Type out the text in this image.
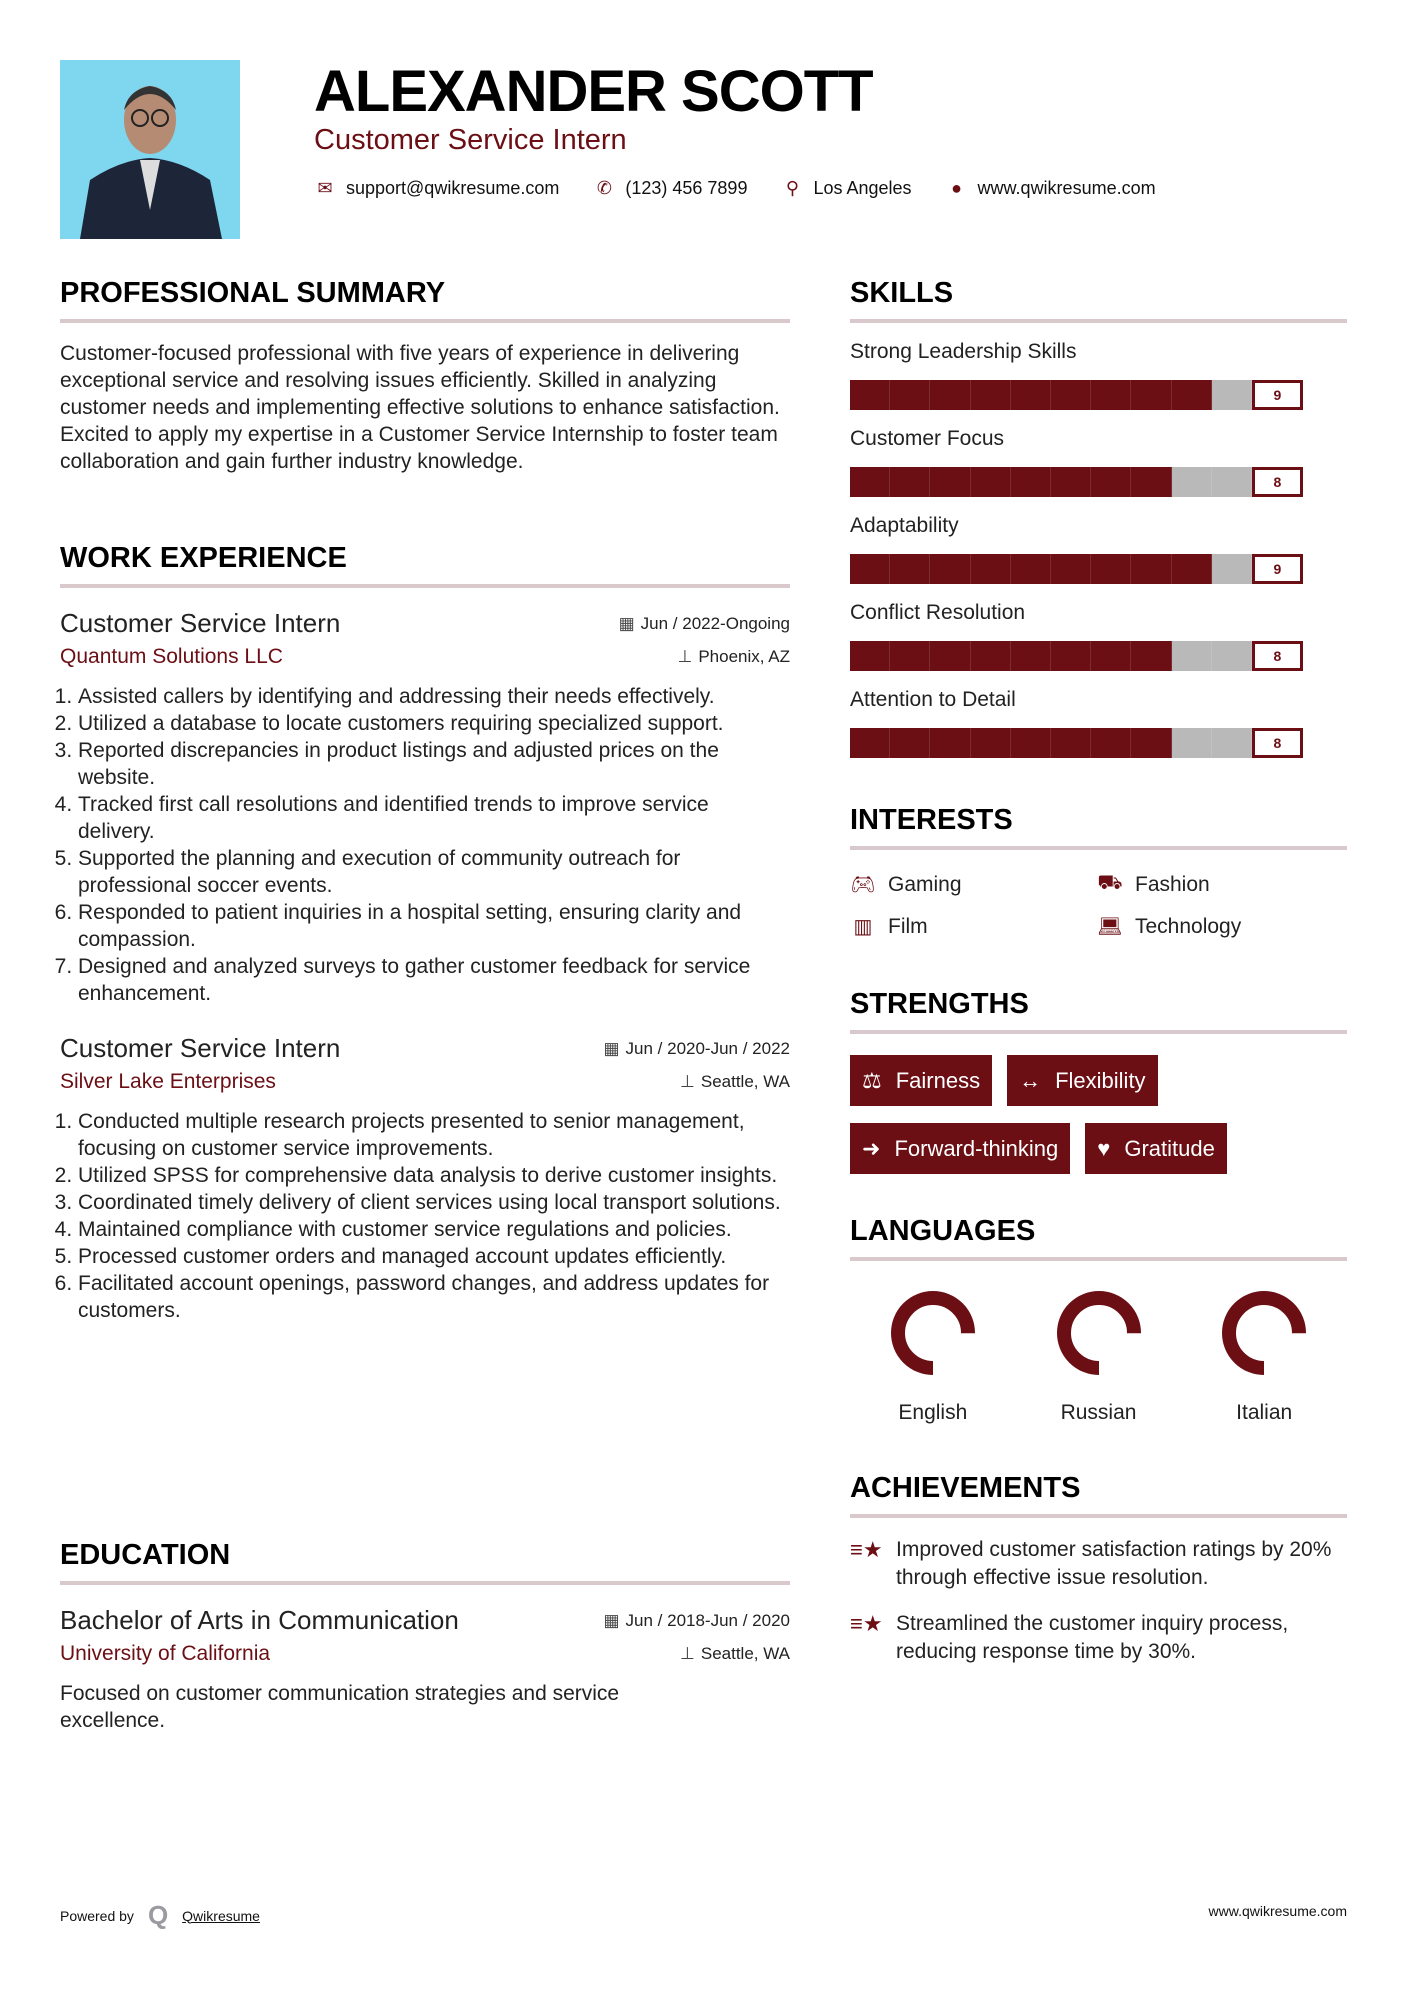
ALEXANDER SCOTT
Customer Service Intern
✉ support@qwikresume.com ✆ (123) 456 7899 ⚲ Los Angeles	● www.qwikresume.com
PROFESSIONAL SUMMARY
Customer-focused professional with five years of experience in delivering exceptional service and resolving issues efficiently. Skilled in analyzing customer needs and implementing effective solutions to enhance satisfaction. Excited to apply my expertise in a Customer Service Internship to foster team collaboration and gain further industry knowledge.
WORK EXPERIENCE
Customer Service Intern	▦ Jun / 2022-Ongoing
Quantum Solutions LLC	⊥ Phoenix, AZ
1. Assisted callers by identifying and addressing their needs effectively.
2. Utilized a database to locate customers requiring specialized support.
3. Reported discrepancies in product listings and adjusted prices on the website.
4. Tracked first call resolutions and identified trends to improve service delivery.
5. Supported the planning and execution of community outreach for professional soccer events.
6. Responded to patient inquiries in a hospital setting, ensuring clarity and compassion.
7. Designed and analyzed surveys to gather customer feedback for service enhancement.
Customer Service Intern	▦ Jun / 2020-Jun / 2022
Silver Lake Enterprises	⊥ Seattle, WA
1. Conducted multiple research projects presented to senior management, focusing on customer service improvements.
2. Utilized SPSS for comprehensive data analysis to derive customer insights.
3. Coordinated timely delivery of client services using local transport solutions.
4. Maintained compliance with customer service regulations and policies.
5. Processed customer orders and managed account updates efficiently.
6. Facilitated account openings, password changes, and address updates for customers.
EDUCATION
Bachelor of Arts in Communication	▦ Jun / 2018-Jun / 2020
University of California	⊥ Seattle, WA
Focused on customer communication strategies and service excellence.
SKILLS
Strong Leadership Skills
9
Customer Focus
8
Adaptability
9
Conflict Resolution
8
Attention to Detail
8
INTERESTS
🎮︎ Gaming	⛟ Fashion
▥ Film	💻︎ Technology
STRENGTHS
⚖ Fairness ↔ Flexibility
➜ Forward-thinking ♥ Gratitude
LANGUAGES
English	Russian	Italian
ACHIEVEMENTS
≡★ Improved customer satisfaction ratings by 20% through effective issue resolution.
≡★ Streamlined the customer inquiry process, reducing response time by 30%.
Powered by Q Qwikresume	www.qwikresume.com
